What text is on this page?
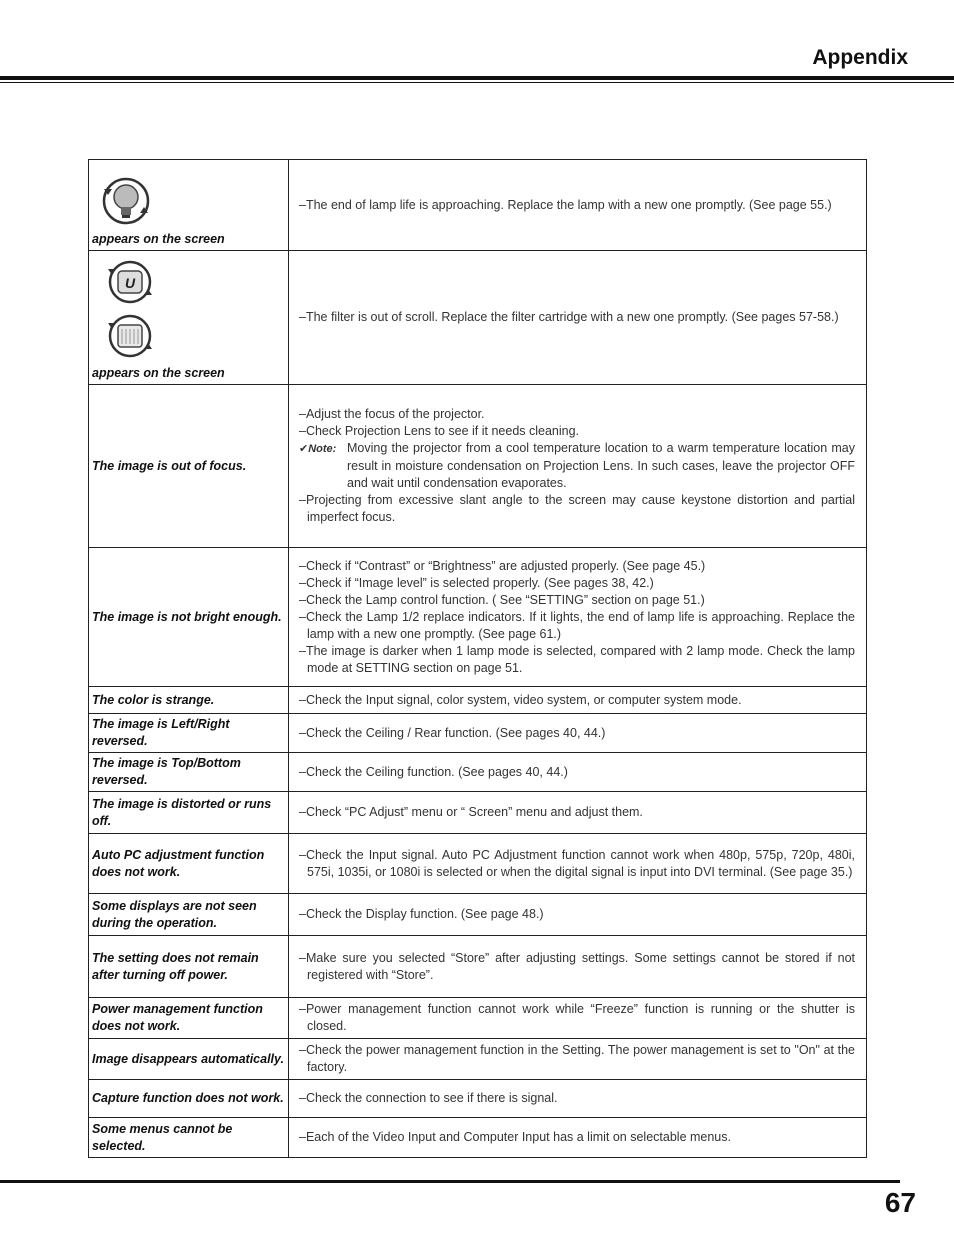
Appendix
appears on the screen	–The end of lamp life is approaching. Replace the lamp with a new one promptly. (See page 55.)

U
appears on the screen	–The filter is out of scroll. Replace the filter cartridge with a new one promptly. (See pages 57-58.)

The image is out of focus.	–Adjust the focus of the projector.
–Check Projection Lens to see if it needs cleaning.
✔Note: Moving the projector from a cool temperature location to a warm temperature location may result in moisture condensation on Projection Lens. In such cases, leave the projector OFF and wait until condensation evaporates.
–Projecting from excessive slant angle to the screen may cause keystone distortion and partial imperfect focus.

The image is not bright enough.	–Check if “Contrast” or “Brightness” are adjusted properly. (See page 45.)
–Check if “Image level” is selected properly. (See pages 38, 42.)
–Check the Lamp control function. ( See “SETTING” section on page 51.)
–Check the Lamp 1/2 replace indicators. If it lights, the end of lamp life is approaching. Replace the lamp with a new one promptly. (See page 61.)
–The image is darker when 1 lamp mode is selected, compared with 2 lamp mode. Check the lamp mode at SETTING section on page 51.

The color is strange.	–Check the Input signal, color system, video system, or computer system mode.

The image is Left/Right reversed.	–Check the Ceiling / Rear function. (See pages 40, 44.)

The image is Top/Bottom reversed.	–Check the Ceiling function. (See pages 40, 44.)

The image is distorted or runs off.	–Check “PC Adjust” menu or “ Screen” menu and adjust them.

Auto PC adjustment function does not work.	–Check the Input signal. Auto PC Adjustment function cannot work when 480p, 575p, 720p, 480i, 575i, 1035i, or 1080i is selected or when the digital signal is input into DVI terminal. (See page 35.)

Some displays are not seen during the operation.	–Check the Display function. (See page 48.)

The setting does not remain after turning off power.	–Make sure you selected “Store” after adjusting settings. Some settings cannot be stored if not registered with “Store”.

Power management function does not work.	–Power management function cannot work while “Freeze” function is running or the shutter is closed.

Image disappears automatically.	–Check the power management function in the Setting. The power management is set to "On" at the factory.

Capture function does not work.	–Check the connection to see if there is signal.

Some menus cannot be selected.	–Each of the Video Input and Computer Input has a limit on selectable menus.
67
